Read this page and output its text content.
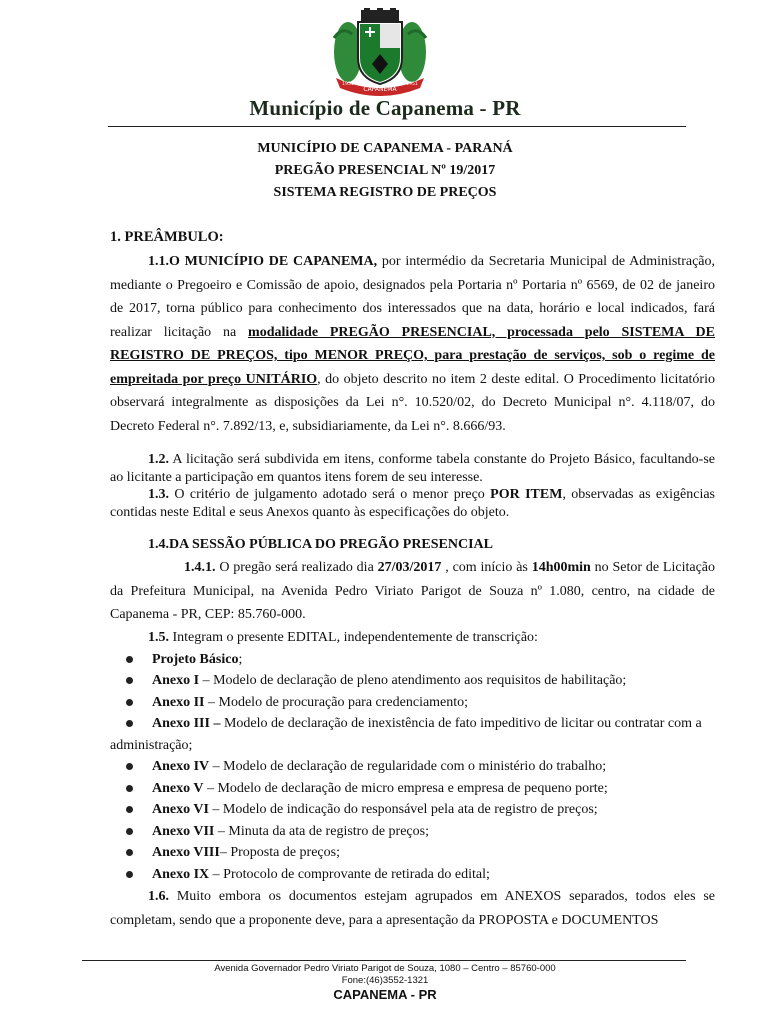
CAPANEMA
1951	1951
Município de Capanema - PR
MUNICÍPIO DE CAPANEMA - PARANÁ
PREGÃO PRESENCIAL Nº 19/2017
SISTEMA REGISTRO DE PREÇOS

1. PREÂMBULO:

1.1.O MUNICÍPIO DE CAPANEMA, por intermédio da Secretaria Municipal de Administração, mediante o Pregoeiro e Comissão de apoio, designados pela Portaria nº Portaria nº 6569, de 02 de janeiro de 2017, torna público para conhecimento dos interessados que na data, horário e local indicados, fará realizar licitação na modalidade PREGÃO PRESENCIAL, processada pelo SISTEMA DE REGISTRO DE PREÇOS, tipo MENOR PREÇO, para prestação de serviços, sob o regime de empreitada por preço UNITÁRIO, do objeto descrito no item 2 deste edital. O Procedimento licitatório observará integralmente as disposições da Lei n°. 10.520/02, do Decreto Municipal n°. 4.118/07, do Decreto Federal n°. 7.892/13, e, subsidiariamente, da Lei n°. 8.666/93.

1.2. A licitação será subdivida em itens, conforme tabela constante do Projeto Básico, facultando-se ao licitante a participação em quantos itens forem de seu interesse.

1.3. O critério de julgamento adotado será o menor preço POR ITEM, observadas as exigências contidas neste Edital e seus Anexos quanto às especificações do objeto.

1.4.DA SESSÃO PÚBLICA DO PREGÃO PRESENCIAL

1.4.1. O pregão será realizado dia 27/03/2017 , com início às 14h00min no Setor de Licitação da Prefeitura Municipal, na Avenida Pedro Viriato Parigot de Souza nº 1.080, centro, na cidade de Capanema - PR, CEP: 85.760-000.

1.5. Integram o presente EDITAL, independentemente de transcrição:

Projeto Básico;
Anexo I – Modelo de declaração de pleno atendimento aos requisitos de habilitação;
Anexo II – Modelo de procuração para credenciamento;
Anexo III – Modelo de declaração de inexistência de fato impeditivo de licitar ou contratar com a administração;
Anexo IV – Modelo de declaração de regularidade com o ministério do trabalho;
Anexo V – Modelo de declaração de micro empresa e empresa de pequeno porte;
Anexo VI – Modelo de indicação do responsável pela ata de registro de preços;
Anexo VII – Minuta da ata de registro de preços;
Anexo VIII– Proposta de preços;
Anexo IX – Protocolo de comprovante de retirada do edital;

1.6. Muito embora os documentos estejam agrupados em ANEXOS separados, todos eles se completam, sendo que a proponente deve, para a apresentação da PROPOSTA e DOCUMENTOS

Avenida Governador Pedro Viriato Parigot de Souza, 1080 – Centro – 85760-000
Fone:(46)3552-1321
CAPANEMA - PR
